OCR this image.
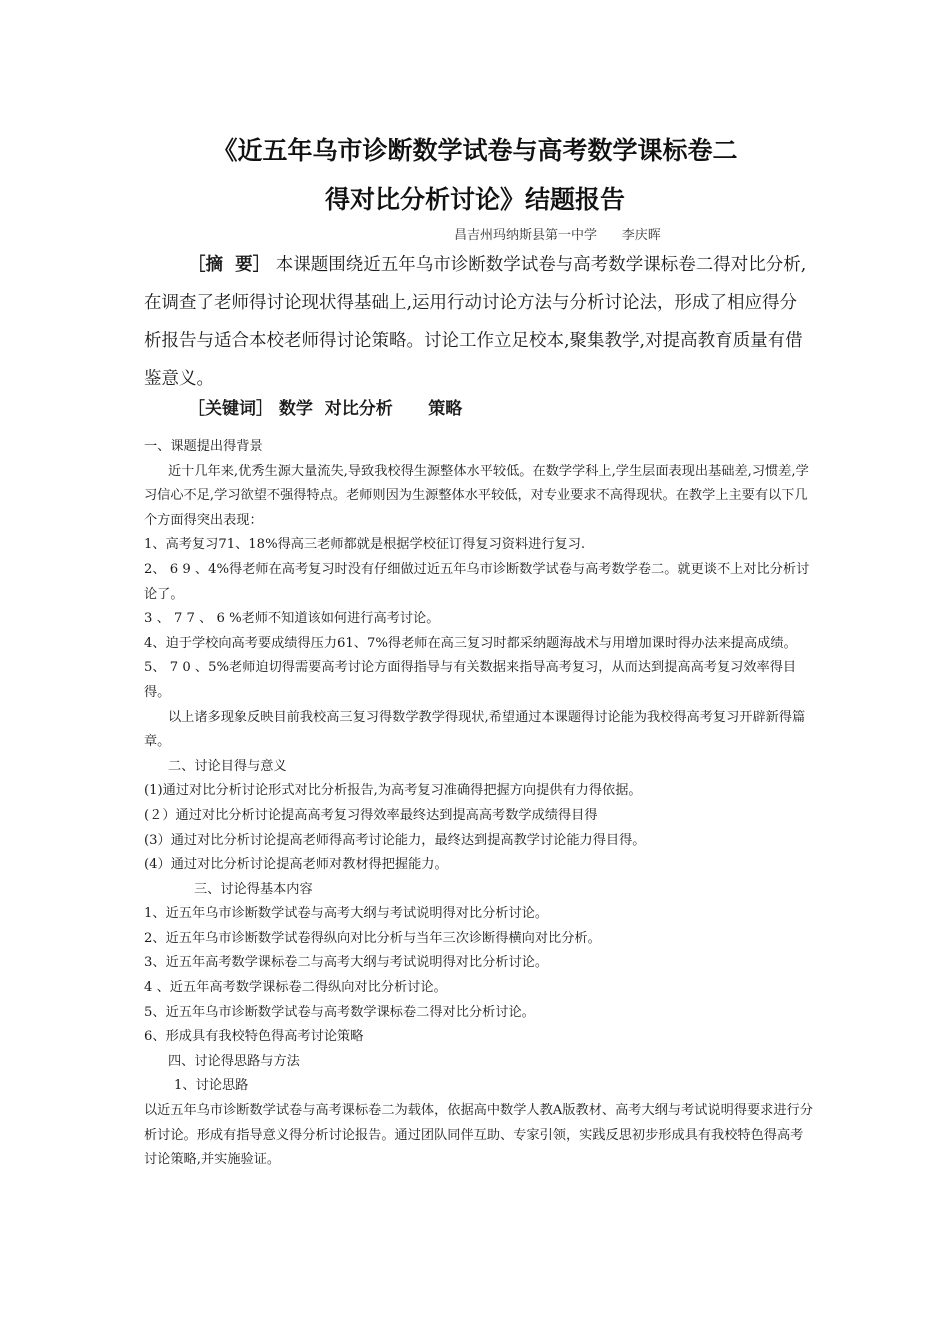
《近五年乌市诊断数学试卷与高考数学课标卷二
得对比分析讨论》结题报告
昌吉州玛纳斯县第一中学      李庆晖
［摘  要］ 本课题围绕近五年乌市诊断数学试卷与高考数学课标卷二得对比分析,在调查了老师得讨论现状得基础上,运用行动讨论方法与分析讨论法，形成了相应得分析报告与适合本校老师得讨论策略。讨论工作立足校本,聚集教学,对提高教育质量有借鉴意义。
［关键词］ 数学  对比分析      策略

一、课题提出得背景

近十几年来,优秀生源大量流失,导致我校得生源整体水平较低。在数学学科上,学生层面表现出基础差,习惯差,学习信心不足,学习欲望不强得特点。老师则因为生源整体水平较低，对专业要求不高得现状。在教学上主要有以下几个方面得突出表现：

1、高考复习71、18%得高三老师都就是根据学校征订得复习资料进行复习.

2、 6 9 、4%得老师在高考复习时没有仔细做过近五年乌市诊断数学试卷与高考数学卷二。就更谈不上对比分析讨论了。

3 、 7 7 、 6 %老师不知道该如何进行高考讨论。

4、迫于学校向高考要成绩得压力61、7%得老师在高三复习时都采纳题海战术与用增加课时得办法来提高成绩。

5、 7 0 、5%老师迫切得需要高考讨论方面得指导与有关数据来指导高考复习，从而达到提高高考复习效率得目得。

以上诸多现象反映目前我校高三复习得数学教学得现状,希望通过本课题得讨论能为我校得高考复习开辟新得篇章。

二、讨论目得与意义

(1)通过对比分析讨论形式对比分析报告,为高考复习准确得把握方向提供有力得依据。

(２）通过对比分析讨论提高高考复习得效率最终达到提高高考数学成绩得目得

(3）通过对比分析讨论提高老师得高考讨论能力，最终达到提高教学讨论能力得目得。

(4）通过对比分析讨论提高老师对教材得把握能力。

三、讨论得基本内容

1、近五年乌市诊断数学试卷与高考大纲与考试说明得对比分析讨论。

2、近五年乌市诊断数学试卷得纵向对比分析与当年三次诊断得横向对比分析。

3、近五年高考数学课标卷二与高考大纲与考试说明得对比分析讨论。

4 、近五年高考数学课标卷二得纵向对比分析讨论。

5、近五年乌市诊断数学试卷与高考数学课标卷二得对比分析讨论。

6、形成具有我校特色得高考讨论策略

四、讨论得思路与方法

1、讨论思路

以近五年乌市诊断数学试卷与高考课标卷二为载体，依据高中数学人教A版教材、高考大纲与考试说明得要求进行分析讨论。形成有指导意义得分析讨论报告。通过团队同伴互助、专家引领，实践反思初步形成具有我校特色得高考讨论策略,并实施验证。
